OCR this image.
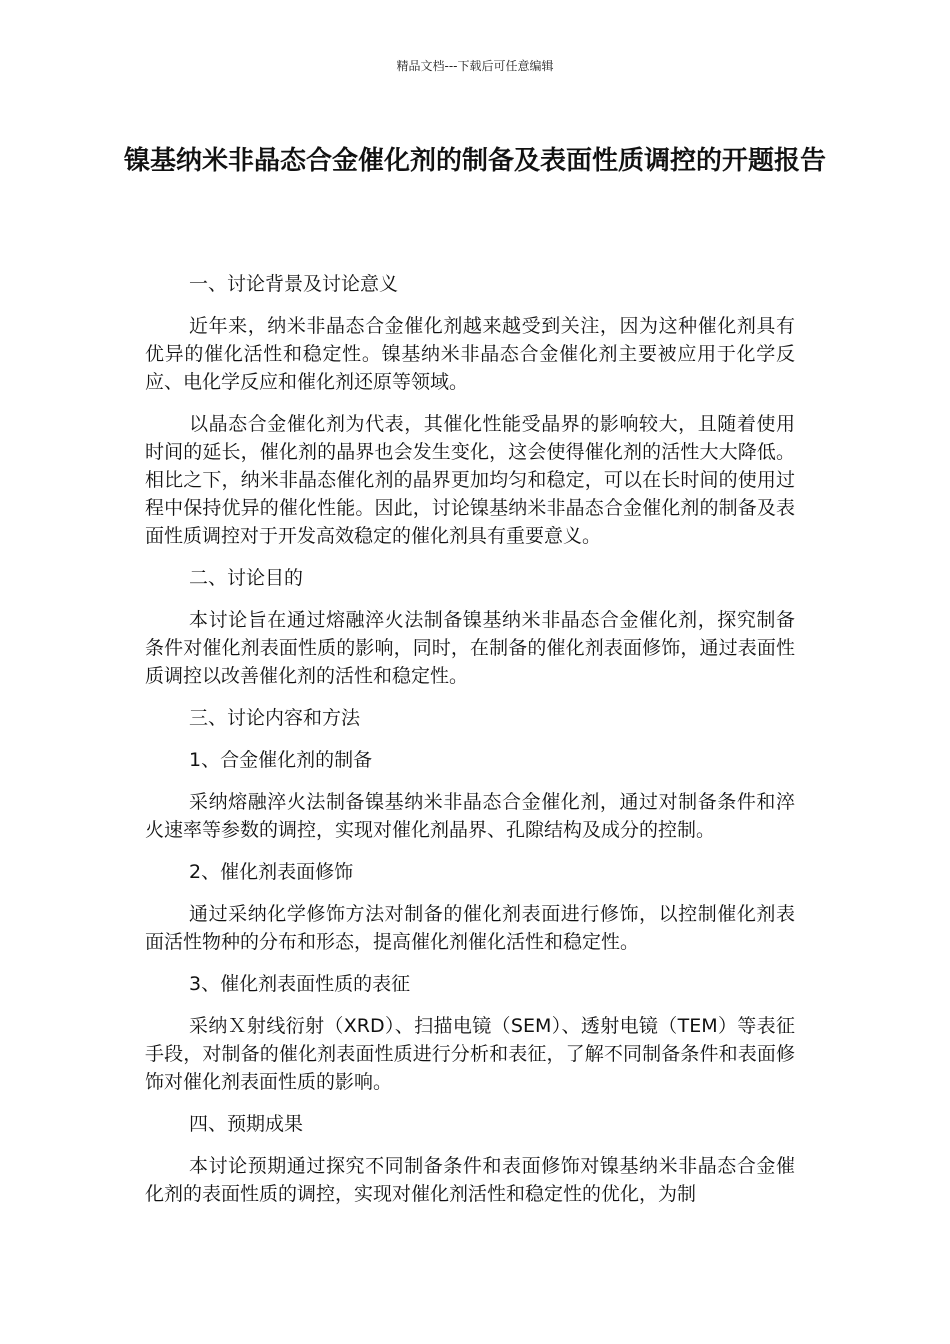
精品文档---下载后可任意编辑
镍基纳米非晶态合金催化剂的制备及表面性质调控的开题报告

一、讨论背景及讨论意义

近年来，纳米非晶态合金催化剂越来越受到关注，因为这种催化剂具有优异的催化活性和稳定性。镍基纳米非晶态合金催化剂主要被应用于化学反应、电化学反应和催化剂还原等领域。

以晶态合金催化剂为代表，其催化性能受晶界的影响较大，且随着使用时间的延长，催化剂的晶界也会发生变化，这会使得催化剂的活性大大降低。相比之下，纳米非晶态催化剂的晶界更加均匀和稳定，可以在长时间的使用过程中保持优异的催化性能。因此，讨论镍基纳米非晶态合金催化剂的制备及表面性质调控对于开发高效稳定的催化剂具有重要意义。

二、讨论目的

本讨论旨在通过熔融淬火法制备镍基纳米非晶态合金催化剂，探究制备条件对催化剂表面性质的影响，同时，在制备的催化剂表面修饰，通过表面性质调控以改善催化剂的活性和稳定性。

三、讨论内容和方法

1、合金催化剂的制备

采纳熔融淬火法制备镍基纳米非晶态合金催化剂，通过对制备条件和淬火速率等参数的调控，实现对催化剂晶界、孔隙结构及成分的控制。

2、催化剂表面修饰

通过采纳化学修饰方法对制备的催化剂表面进行修饰，以控制催化剂表面活性物种的分布和形态，提高催化剂催化活性和稳定性。

3、催化剂表面性质的表征

采纳Ｘ射线衍射（XRD）、扫描电镜（SEM）、透射电镜（TEM）等表征手段，对制备的催化剂表面性质进行分析和表征，了解不同制备条件和表面修饰对催化剂表面性质的影响。

四、预期成果

本讨论预期通过探究不同制备条件和表面修饰对镍基纳米非晶态合金催化剂的表面性质的调控，实现对催化剂活性和稳定性的优化，为制
